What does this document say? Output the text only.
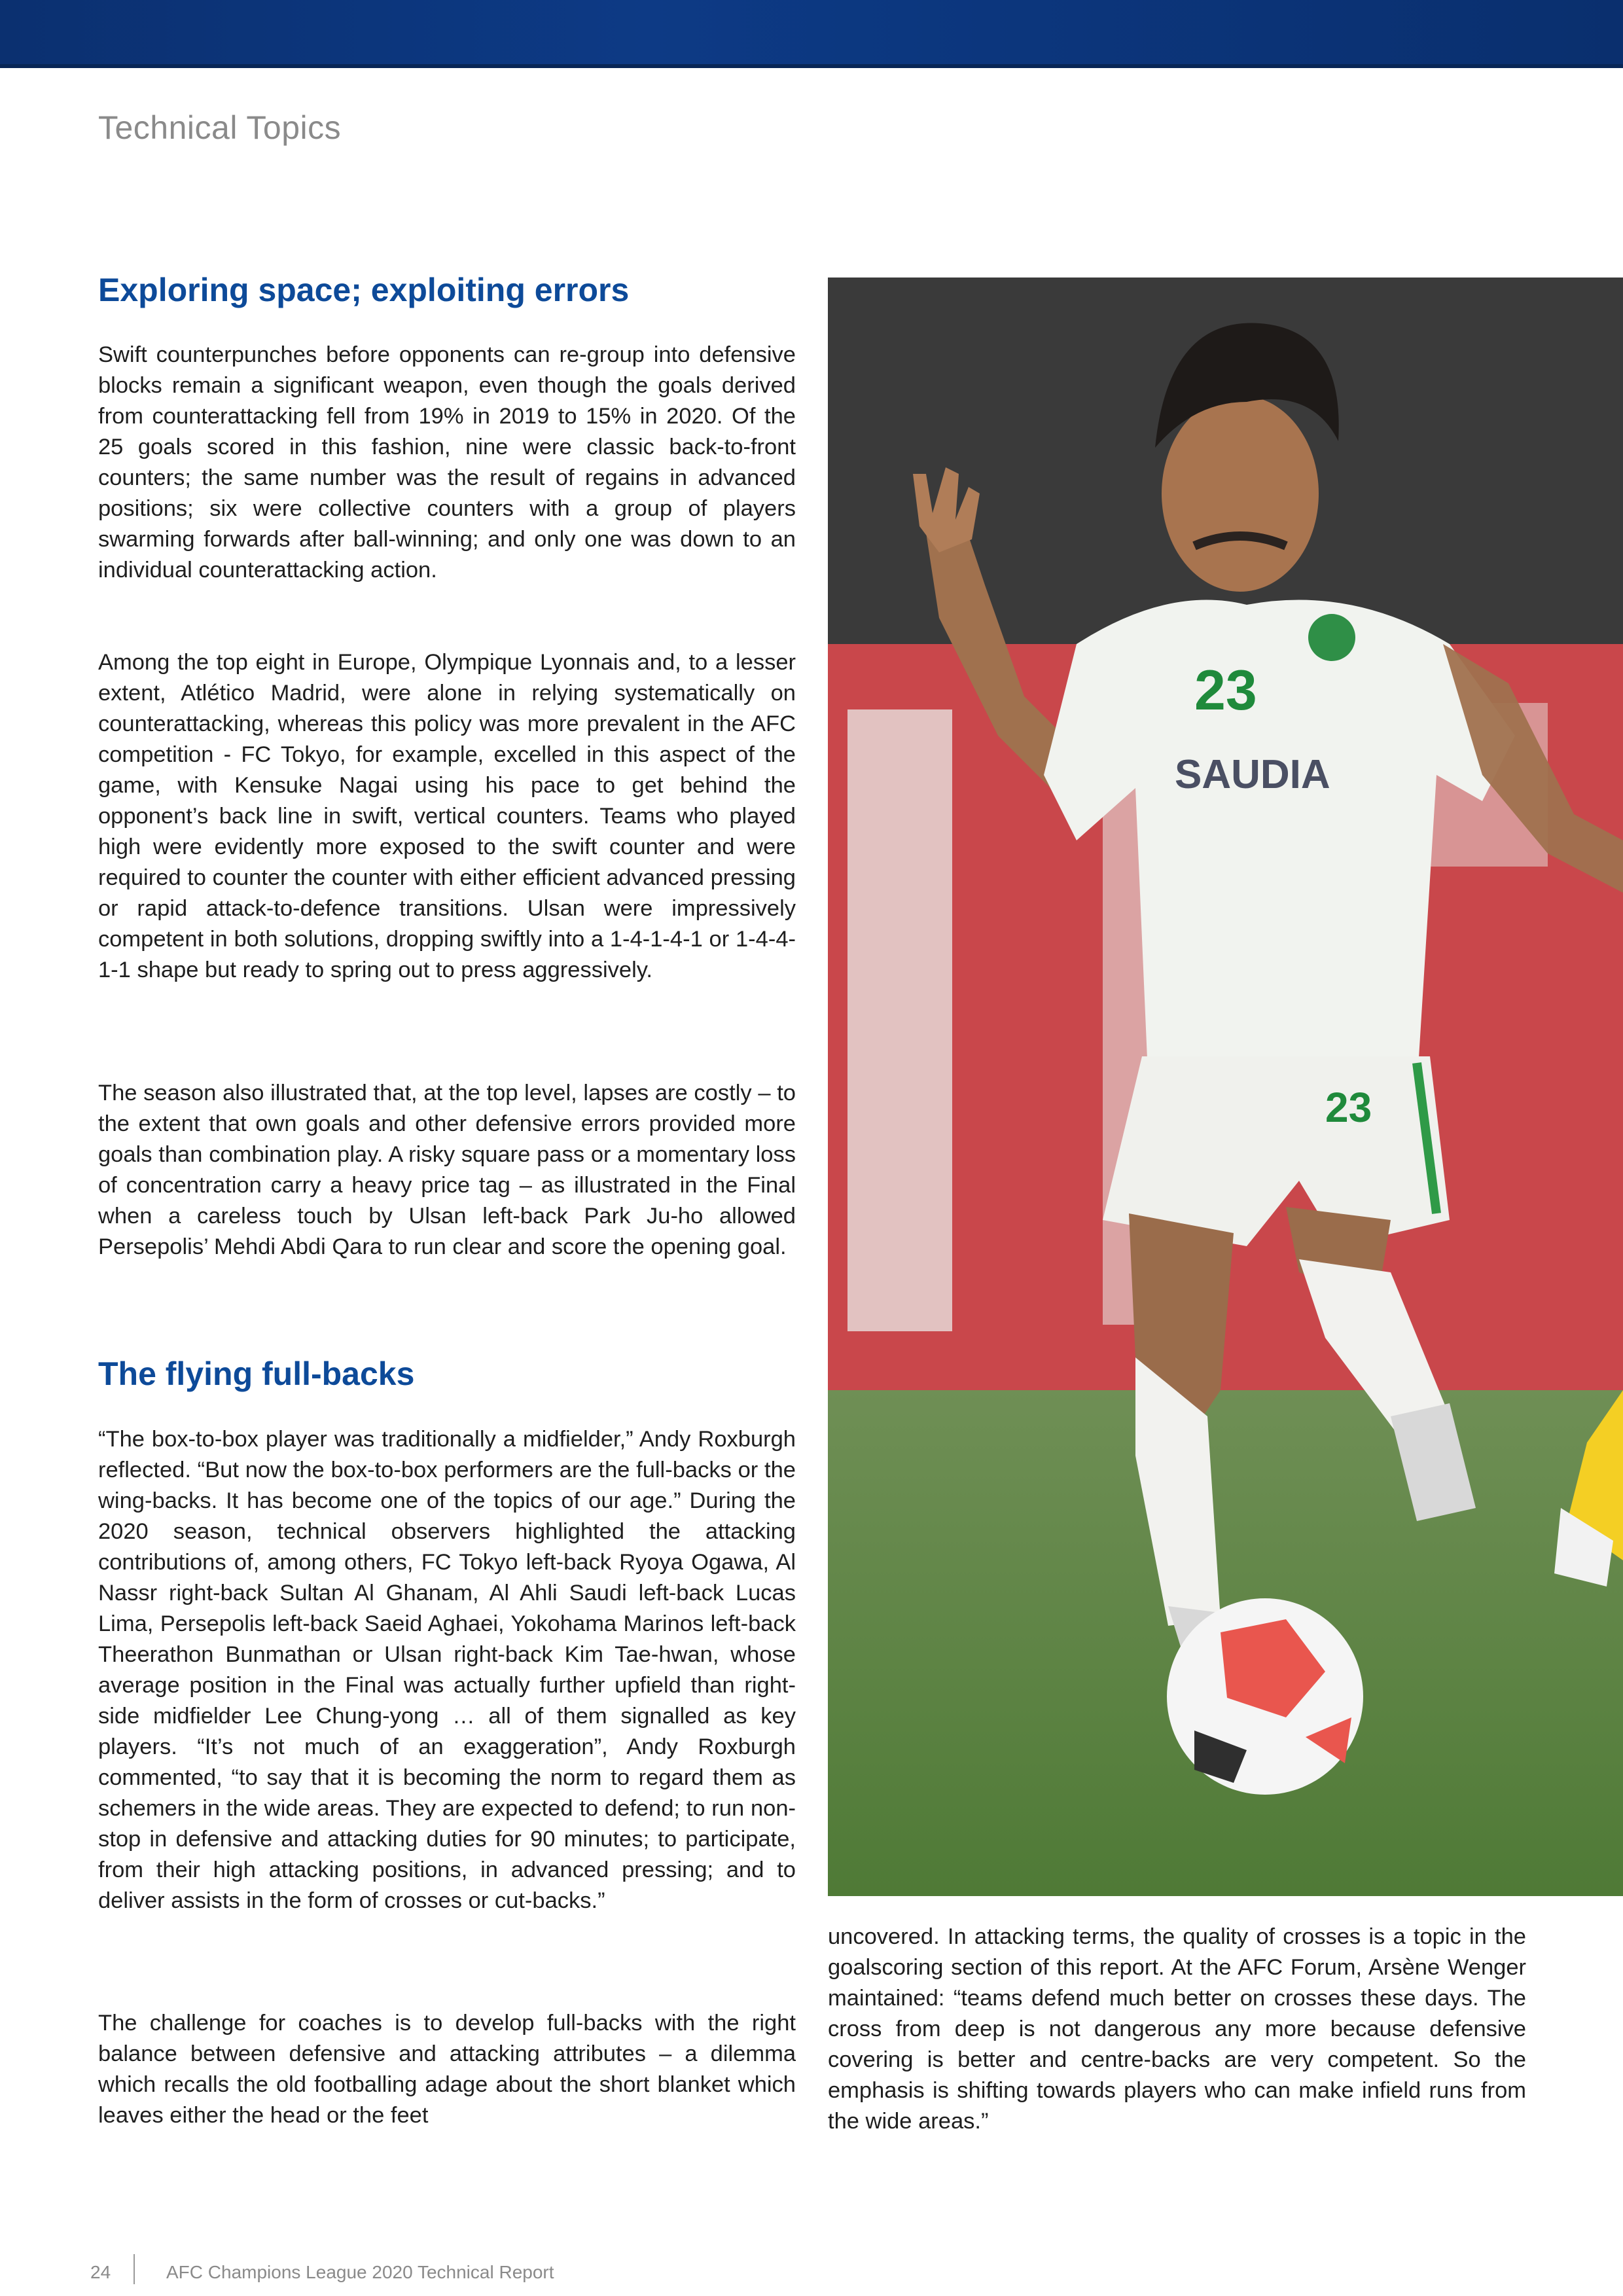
Technical Topics
Exploring space; exploiting errors

Swift counterpunches before opponents can re-group into defensive blocks remain a significant weapon, even though the goals derived from counterattacking fell from 19% in 2019 to 15% in 2020. Of the 25 goals scored in this fashion, nine were classic back-to-front counters; the same number was the result of regains in advanced positions; six were collective counters with a group of players swarming forwards after ball-winning; and only one was down to an individual counterattacking action.

Among the top eight in Europe, Olympique Lyonnais and, to a lesser extent, Atlético Madrid, were alone in relying systematically on counterattacking, whereas this policy was more prevalent in the AFC competition - FC Tokyo, for example, excelled in this aspect of the game, with Kensuke Nagai using his pace to get behind the opponent’s back line in swift, vertical counters. Teams who played high were evidently more exposed to the swift counter and were required to counter the counter with either efficient advanced pressing or rapid attack-to-defence transitions. Ulsan were impressively competent in both solutions, dropping swiftly into a 1-4-1-4-1 or 1-4-4-1-1 shape but ready to spring out to press aggressively.

The season also illustrated that, at the top level, lapses are costly – to the extent that own goals and other defensive errors provided more goals than combination play. A risky square pass or a momentary loss of concentration carry a heavy price tag – as illustrated in the Final when a careless touch by Ulsan left-back Park Ju-ho allowed Persepolis’ Mehdi Abdi Qara to run clear and score the opening goal.

The flying full-backs

“The box-to-box player was traditionally a midfielder,” Andy Roxburgh reflected. “But now the box-to-box performers are the full-backs or the wing-backs. It has become one of the topics of our age.” During the 2020 season, technical observers highlighted the attacking contributions of, among others, FC Tokyo left-back Ryoya Ogawa, Al Nassr right-back Sultan Al Ghanam, Al Ahli Saudi left-back Lucas Lima, Persepolis left-back Saeid Aghaei, Yokohama Marinos left-back Theerathon Bunmathan or Ulsan right-back Kim Tae-hwan, whose average position in the Final was actually further upfield than right-side midfielder Lee Chung-yong … all of them signalled as key players. “It’s not much of an exaggeration”, Andy Roxburgh commented, “to say that it is becoming the norm to regard them as schemers in the wide areas. They are expected to defend; to run non-stop in defensive and attacking duties for 90 minutes; to participate, from their high attacking positions, in advanced pressing; and to deliver assists in the form of crosses or cut-backs.”

The challenge for coaches is to develop full-backs with the right balance between defensive and attacking attributes – a dilemma which recalls the old footballing adage about the short blanket which leaves either the head or the feet

23
SAUDIA
23

uncovered. In attacking terms, the quality of crosses is a topic in the goalscoring section of this report. At the AFC Forum, Arsène Wenger maintained: “teams defend much better on crosses these days. The cross from deep is not dangerous any more because defensive covering is better and centre-backs are very competent. So the emphasis is shifting towards players who can make infield runs from the wide areas.”

24	AFC Champions League 2020 Technical Report
